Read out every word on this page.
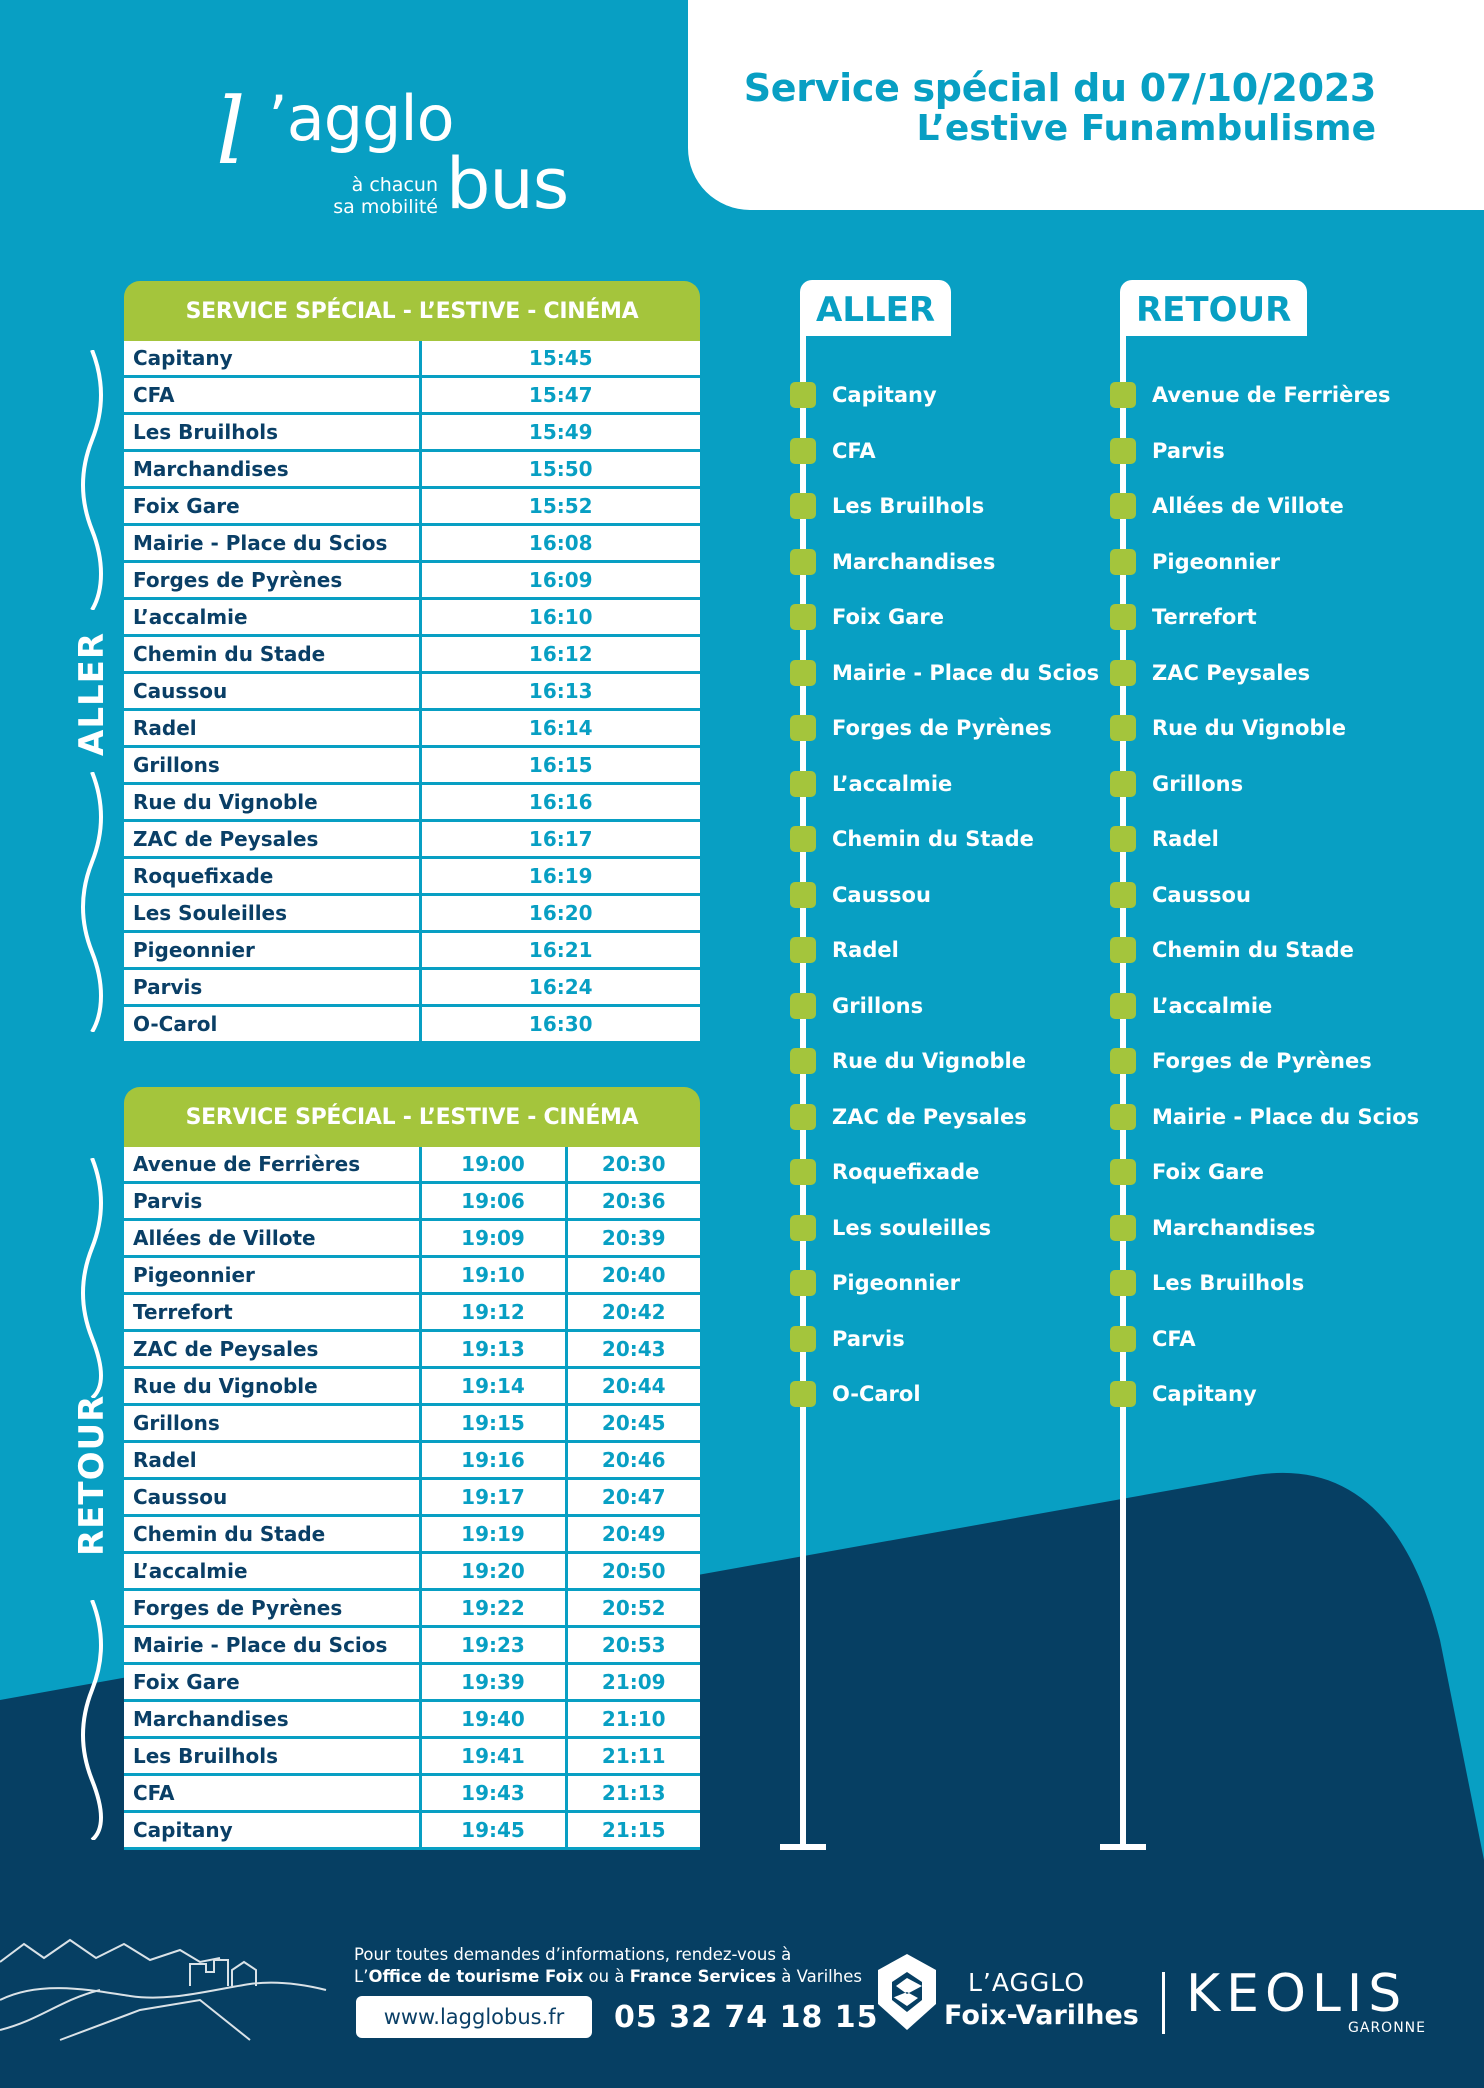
Service spécial du 07/10/2023
L’estive Funambulisme
l ’agglo
bus
à chacun
sa mobilité
ALLER
RETOUR
SERVICE SPÉCIAL - L’ESTIVE - CINÉMA
Capitany	15:45
CFA	15:47
Les Bruilhols	15:49
Marchandises	15:50
Foix Gare	15:52
Mairie - Place du Scios	16:08
Forges de Pyrènes	16:09
L’accalmie	16:10
Chemin du Stade	16:12
Caussou	16:13
Radel	16:14
Grillons	16:15
Rue du Vignoble	16:16
ZAC de Peysales	16:17
Roquefixade	16:19
Les Souleilles	16:20
Pigeonnier	16:21
Parvis	16:24
O-Carol	16:30
SERVICE SPÉCIAL - L’ESTIVE - CINÉMA
Avenue de Ferrières	19:00	20:30
Parvis	19:06	20:36
Allées de Villote	19:09	20:39
Pigeonnier	19:10	20:40
Terrefort	19:12	20:42
ZAC de Peysales	19:13	20:43
Rue du Vignoble	19:14	20:44
Grillons	19:15	20:45
Radel	19:16	20:46
Caussou	19:17	20:47
Chemin du Stade	19:19	20:49
L’accalmie	19:20	20:50
Forges de Pyrènes	19:22	20:52
Mairie - Place du Scios	19:23	20:53
Foix Gare	19:39	21:09
Marchandises	19:40	21:10
Les Bruilhols	19:41	21:11
CFA	19:43	21:13
Capitany	19:45	21:15
ALLER
Capitany
CFA
Les Bruilhols
Marchandises
Foix Gare
Mairie - Place du Scios
Forges de Pyrènes
L’accalmie
Chemin du Stade
Caussou
Radel
Grillons
Rue du Vignoble
ZAC de Peysales
Roquefixade
Les souleilles
Pigeonnier
Parvis
O-Carol
RETOUR
Avenue de Ferrières
Parvis
Allées de Villote
Pigeonnier
Terrefort
ZAC Peysales
Rue du Vignoble
Grillons
Radel
Caussou
Chemin du Stade
L’accalmie
Forges de Pyrènes
Mairie - Place du Scios
Foix Gare
Marchandises
Les Bruilhols
CFA
Capitany
Pour toutes demandes d’informations, rendez-vous à
L’Office de tourisme Foix ou à France Services à Varilhes
www.lagglobus.fr	05 32 74 18 15
L’AGGLO
Foix-Varilhes KEOLIS
GARONNE
